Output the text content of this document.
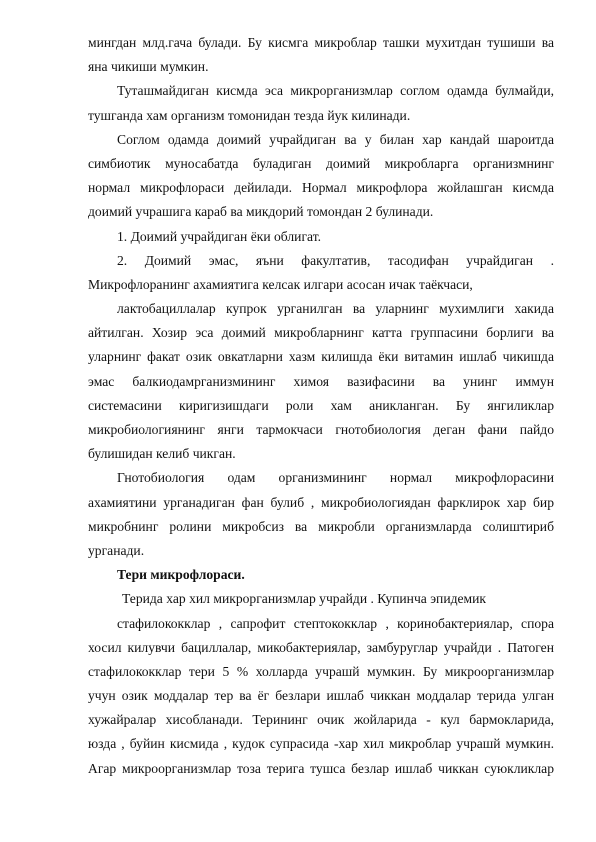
мингдан млд.гача булади. Бу кисмга микроблар ташки мухитдан тушиши ва
яна чикиши мумкин.
Туташмайдиган кисмда эса микрорганизмлар соглом одамда булмайди,
тушганда хам организм томонидан тезда йук килинади.
Соглом одамда доимий учрайдиган ва у билан хар кандай шароитда
симбиотик муносабатда буладиган доимий микробларга организмнинг
нормал микрофлораси дейилади. Нормал микрофлора жойлашган кисмда
доимий учрашига караб ва микдорий томондан 2 булинади.
1. Доимий учрайдиган ёки облигат.
2. Доимий эмас, яъни факултатив, тасодифан учрайдиган .
Микрофлоранинг ахамиятига келсак илгари асосан ичак таёкчаси,
лактобациллалар купрок урганилган ва уларнинг мухимлиги хакида
айтилган. Хозир эса доимий микробларнинг катта группасини борлиги ва
уларнинг факат озик овкатларни хазм килишда ёки витамин ишлаб чикишда
эмас балкиодамрганизмининг химоя вазифасини ва унинг иммун
системасини киригизишдаги роли хам аникланган. Бу янгиликлар
микробиологиянинг янги тармокчаси гнотобиология деган фани пайдо
булишидан келиб чикган.
Гнотобиология одам организмининг нормал микрофлорасини
ахамиятини урганадиган фан булиб , микробиологиядан фарклирок хар бир
микробнинг ролини микробсиз ва микробли организмларда солиштириб
урганади.
Тери микрофлораси.
Терида хар хил микрорганизмлар учрайди . Купинча эпидемик
стафилококклар , сапрофит стептококклар , коринобактериялар, спора
хосил килувчи бациллалар, микобактериялар, замбуруглар учрайди . Патоген
стафилококклар тери 5 % холларда учрашй мумкин. Бу микроорганизмлар
учун озик моддалар тер ва ёг безлари ишлаб чиккан моддалар терида улган
хужайралар хисобланади. Терининг очик жойларида - кул бармокларида,
юзда , буйин кисмида , кудок супрасида -хар хил микроблар учрашй мумкин.
Агар микроорганизмлар тоза терига тушса безлар ишлаб чиккан суюкликлар
